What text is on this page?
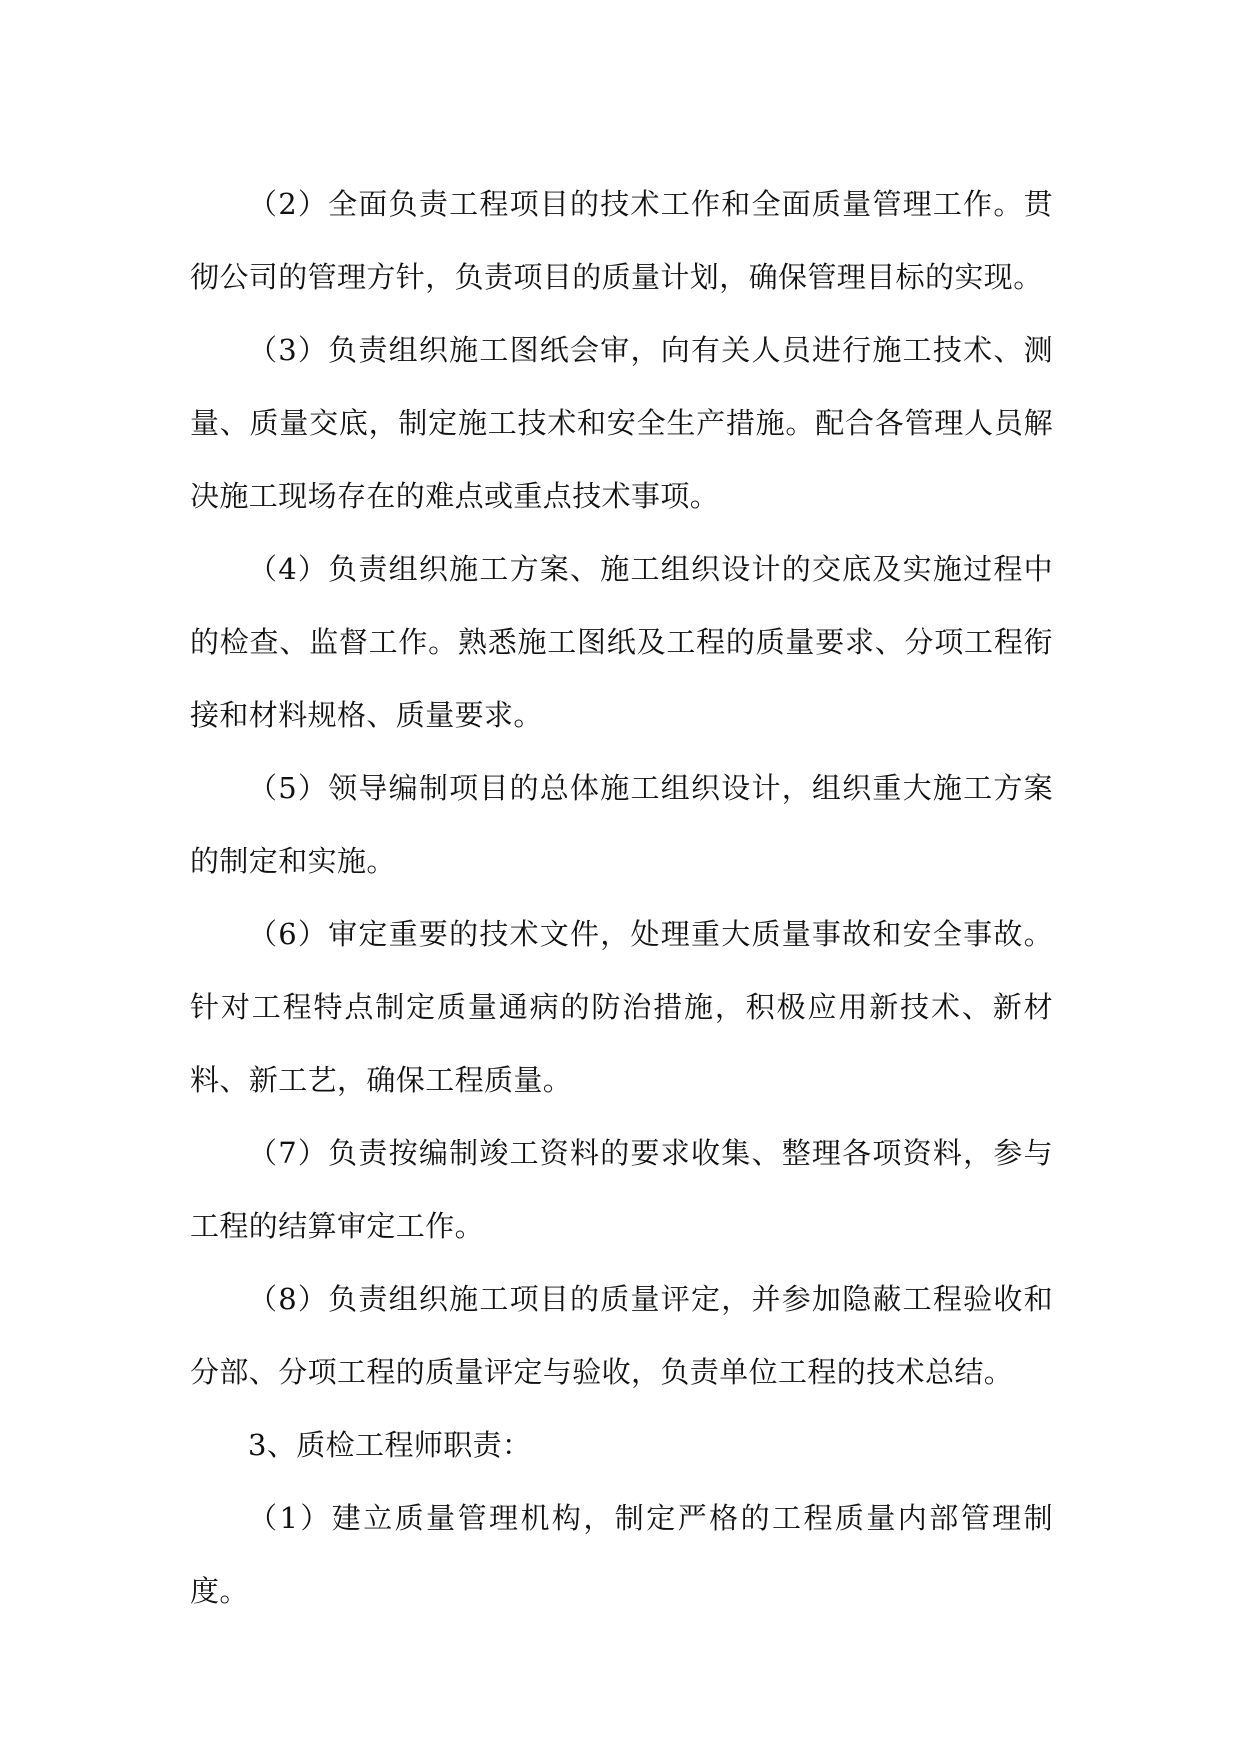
（2）全面负责工程项目的技术工作和全面质量管理工作。贯彻公司的管理方针，负责项目的质量计划，确保管理目标的实现。

（3）负责组织施工图纸会审，向有关人员进行施工技术、测量、质量交底，制定施工技术和安全生产措施。配合各管理人员解决施工现场存在的难点或重点技术事项。

（4）负责组织施工方案、施工组织设计的交底及实施过程中的检查、监督工作。熟悉施工图纸及工程的质量要求、分项工程衔接和材料规格、质量要求。

（5）领导编制项目的总体施工组织设计，组织重大施工方案的制定和实施。

（6）审定重要的技术文件，处理重大质量事故和安全事故。针对工程特点制定质量通病的防治措施，积极应用新技术、新材料、新工艺，确保工程质量。

（7）负责按编制竣工资料的要求收集、整理各项资料，参与工程的结算审定工作。

（8）负责组织施工项目的质量评定，并参加隐蔽工程验收和分部、分项工程的质量评定与验收，负责单位工程的技术总结。

3、质检工程师职责：

（1）建立质量管理机构，制定严格的工程质量内部管理制度。
